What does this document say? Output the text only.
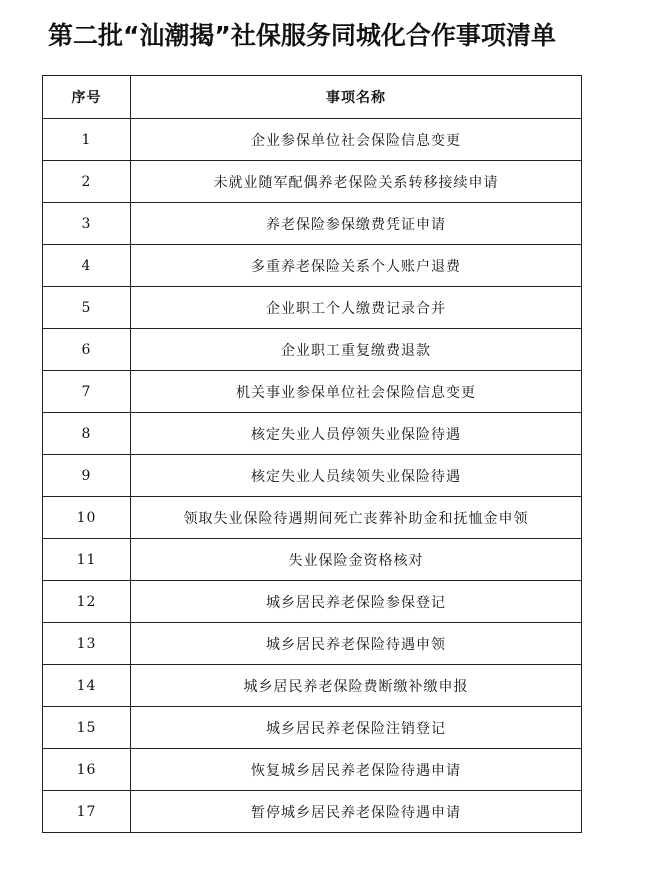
第二批“汕潮揭”社保服务同城化合作事项清单
序号	事项名称
1	企业参保单位社会保险信息变更
2	未就业随军配偶养老保险关系转移接续申请
3	养老保险参保缴费凭证申请
4	多重养老保险关系个人账户退费
5	企业职工个人缴费记录合并
6	企业职工重复缴费退款
7	机关事业参保单位社会保险信息变更
8	核定失业人员停领失业保险待遇
9	核定失业人员续领失业保险待遇
10	领取失业保险待遇期间死亡丧葬补助金和抚恤金申领
11	失业保险金资格核对
12	城乡居民养老保险参保登记
13	城乡居民养老保险待遇申领
14	城乡居民养老保险费断缴补缴申报
15	城乡居民养老保险注销登记
16	恢复城乡居民养老保险待遇申请
17	暂停城乡居民养老保险待遇申请
